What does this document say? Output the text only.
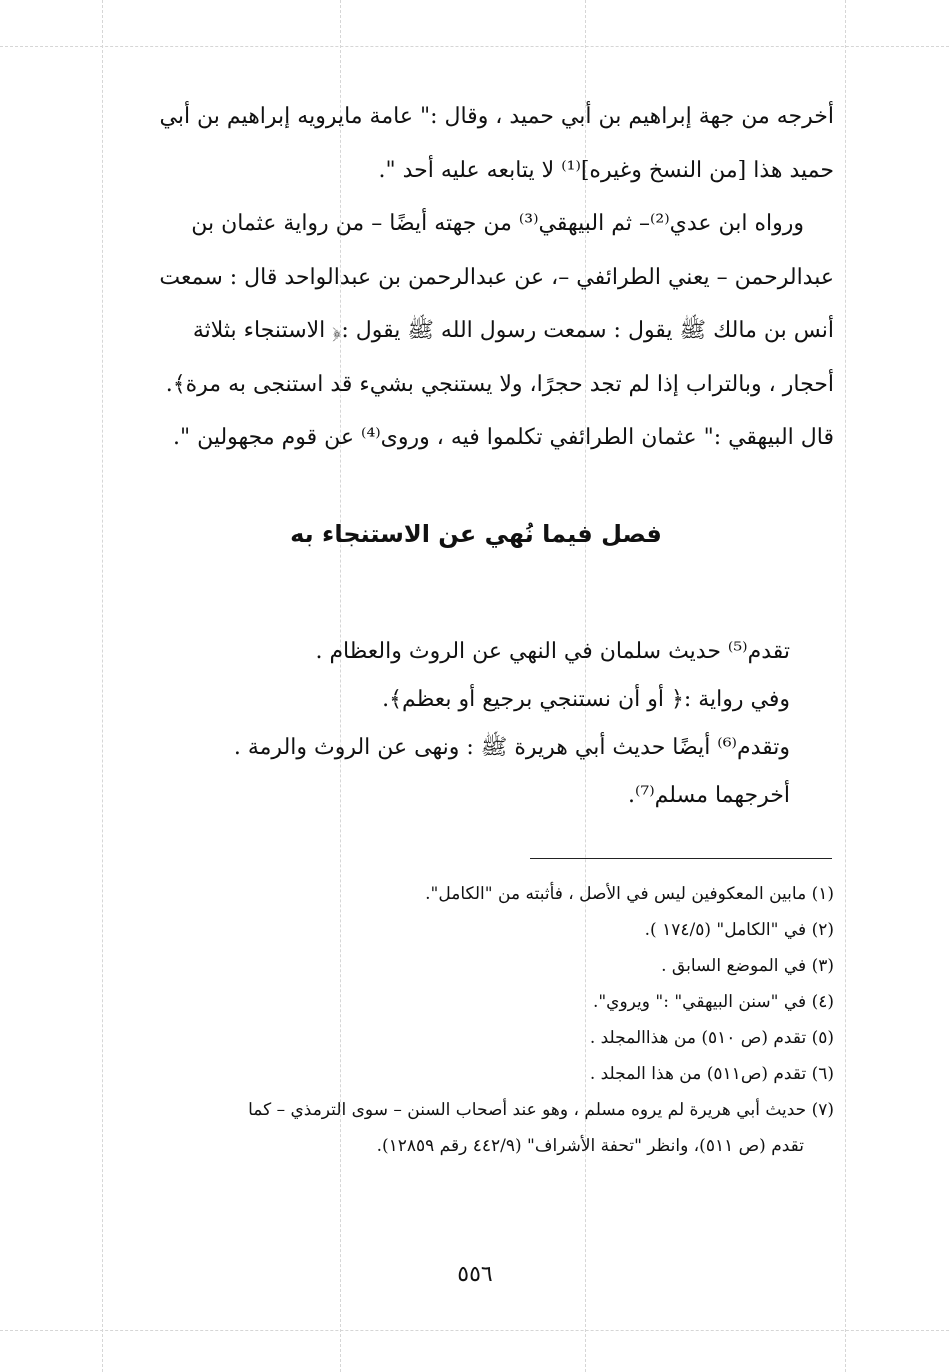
أخرجه من جهة إبراهيم بن أبي حميد ، وقال :" عامة مايرويه إبراهيم بن أبي

حميد هذا [من النسخ وغيره]⁽¹⁾ لا يتابعه عليه أحد ".

ورواه ابن عدي⁽²⁾– ثم البيهقي⁽³⁾ من جهته أيضًا – من رواية عثمان بن

عبدالرحمن – يعني الطرائفي –، عن عبدالرحمن بن عبدالواحد قال : سمعت

أنس بن مالك ﷺ يقول : سمعت رسول الله ﷺ يقول :﴿ الاستنجاء بثلاثة

أحجار ، وبالتراب إذا لم تجد حجرًا، ولا يستنجي بشيء قد استنجى به مرة﴾.

قال البيهقي :" عثمان الطرائفي تكلموا فيه ، وروى⁽⁴⁾ عن قوم مجهولين ".

فصل فيما نُهي عن الاستنجاء به

تقدم⁽⁵⁾ حديث سلمان في النهي عن الروث والعظام .

وفي رواية :﴿ أو أن نستنجي برجيع أو بعظم﴾.

وتقدم⁽⁶⁾ أيضًا حديث أبي هريرة ﷺ : ونهى عن الروث والرمة .

أخرجهما مسلم⁽⁷⁾.

(١) مابين المعكوفين ليس في الأصل ، فأثبته من "الكامل".

(٢) في "الكامل" (١٧٤/٥ ).

(٣) في الموضع السابق .

(٤) في "سنن البيهقي" :" ويروي".

(٥) تقدم (ص ٥١٠) من هذاالمجلد .

(٦) تقدم (ص٥١١) من هذا المجلد .

(٧) حديث أبي هريرة لم يروه مسلم ، وهو عند أصحاب السنن – سوى الترمذي – كما

تقدم (ص ٥١١)، وانظر "تحفة الأشراف" (٤٤٢/٩ رقم ١٢٨٥٩).

٥٥٦
